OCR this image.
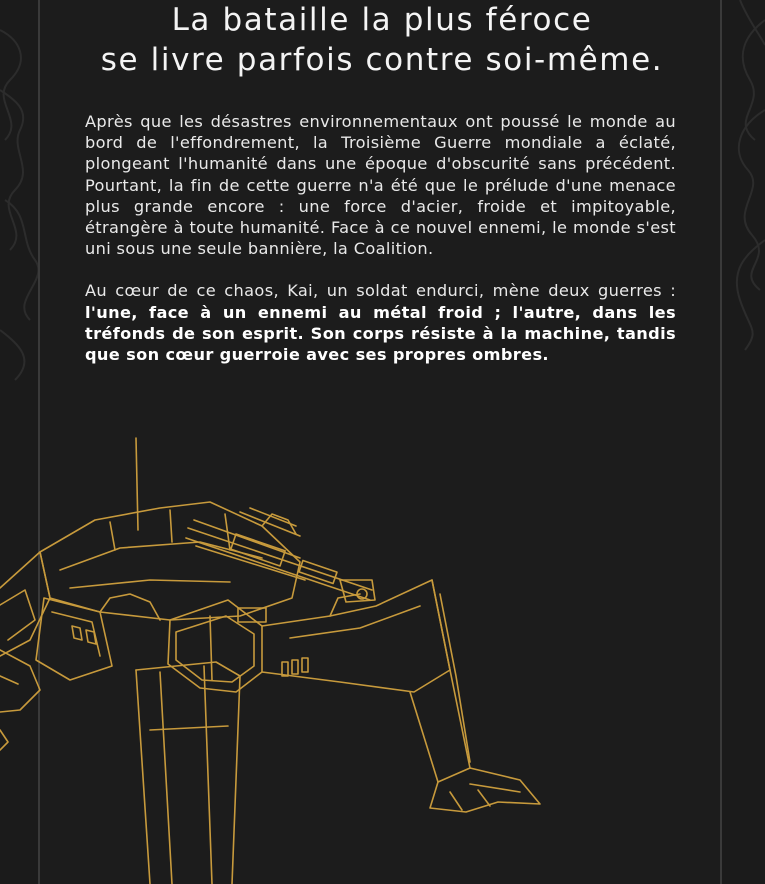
La bataille la plus féroce
se livre parfois contre soi-même.

Après que les désastres environnementaux ont poussé le monde au bord de l'effondrement, la Troisième Guerre mondiale a éclaté, plongeant l'humanité dans une époque d'obscurité sans précédent. Pourtant, la fin de cette guerre n'a été que le prélude d'une menace plus grande encore : une force d'acier, froide et impitoyable, étrangère à toute humanité. Face à ce nouvel ennemi, le monde s'est uni sous une seule bannière, la Coalition.

Au cœur de ce chaos, Kai, un soldat endurci, mène deux guerres : l'une, face à un ennemi au métal froid ; l'autre, dans les tréfonds de son esprit. Son corps résiste à la machine, tandis que son cœur guerroie avec ses propres ombres.
